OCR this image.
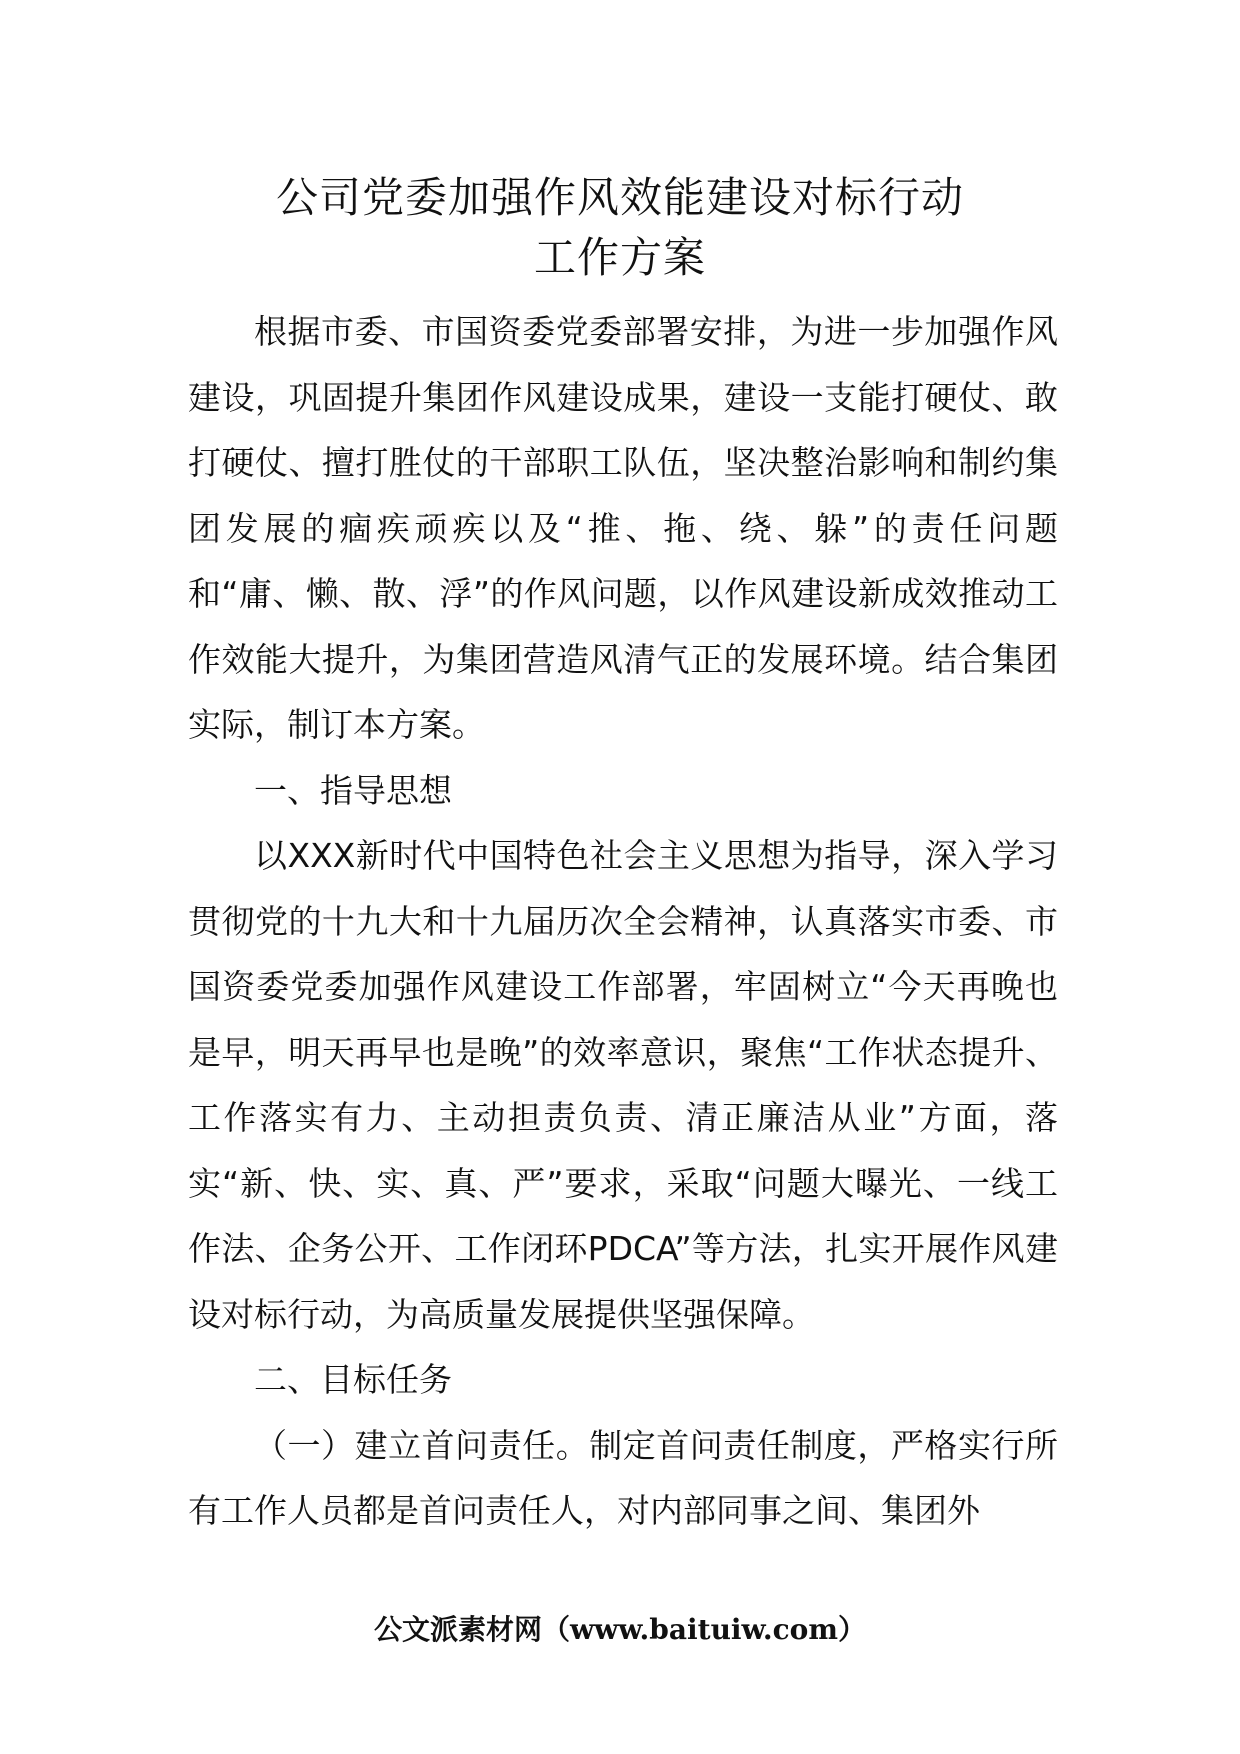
公司党委加强作风效能建设对标行动
工作方案

根据市委、市国资委党委部署安排，为进一步加强作风建设，巩固提升集团作风建设成果，建设一支能打硬仗、敢打硬仗、擅打胜仗的干部职工队伍，坚决整治影响和制约集团发展的痼疾顽疾以及“推、拖、绕、躲”的责任问题和“庸、懒、散、浮”的作风问题，以作风建设新成效推动工作效能大提升，为集团营造风清气正的发展环境。结合集团实际，制订本方案。

一、指导思想

以XXX新时代中国特色社会主义思想为指导，深入学习贯彻党的十九大和十九届历次全会精神，认真落实市委、市国资委党委加强作风建设工作部署，牢固树立“今天再晚也是早，明天再早也是晚”的效率意识，聚焦“工作状态提升、工作落实有力、主动担责负责、清正廉洁从业”方面，落实“新、快、实、真、严”要求，采取“问题大曝光、一线工作法、企务公开、工作闭环PDCA”等方法，扎实开展作风建设对标行动，为高质量发展提供坚强保障。

二、目标任务

（一）建立首问责任。制定首问责任制度，严格实行所有工作人员都是首问责任人，对内部同事之间、集团外

公文派素材网（www.baituiw.com）
